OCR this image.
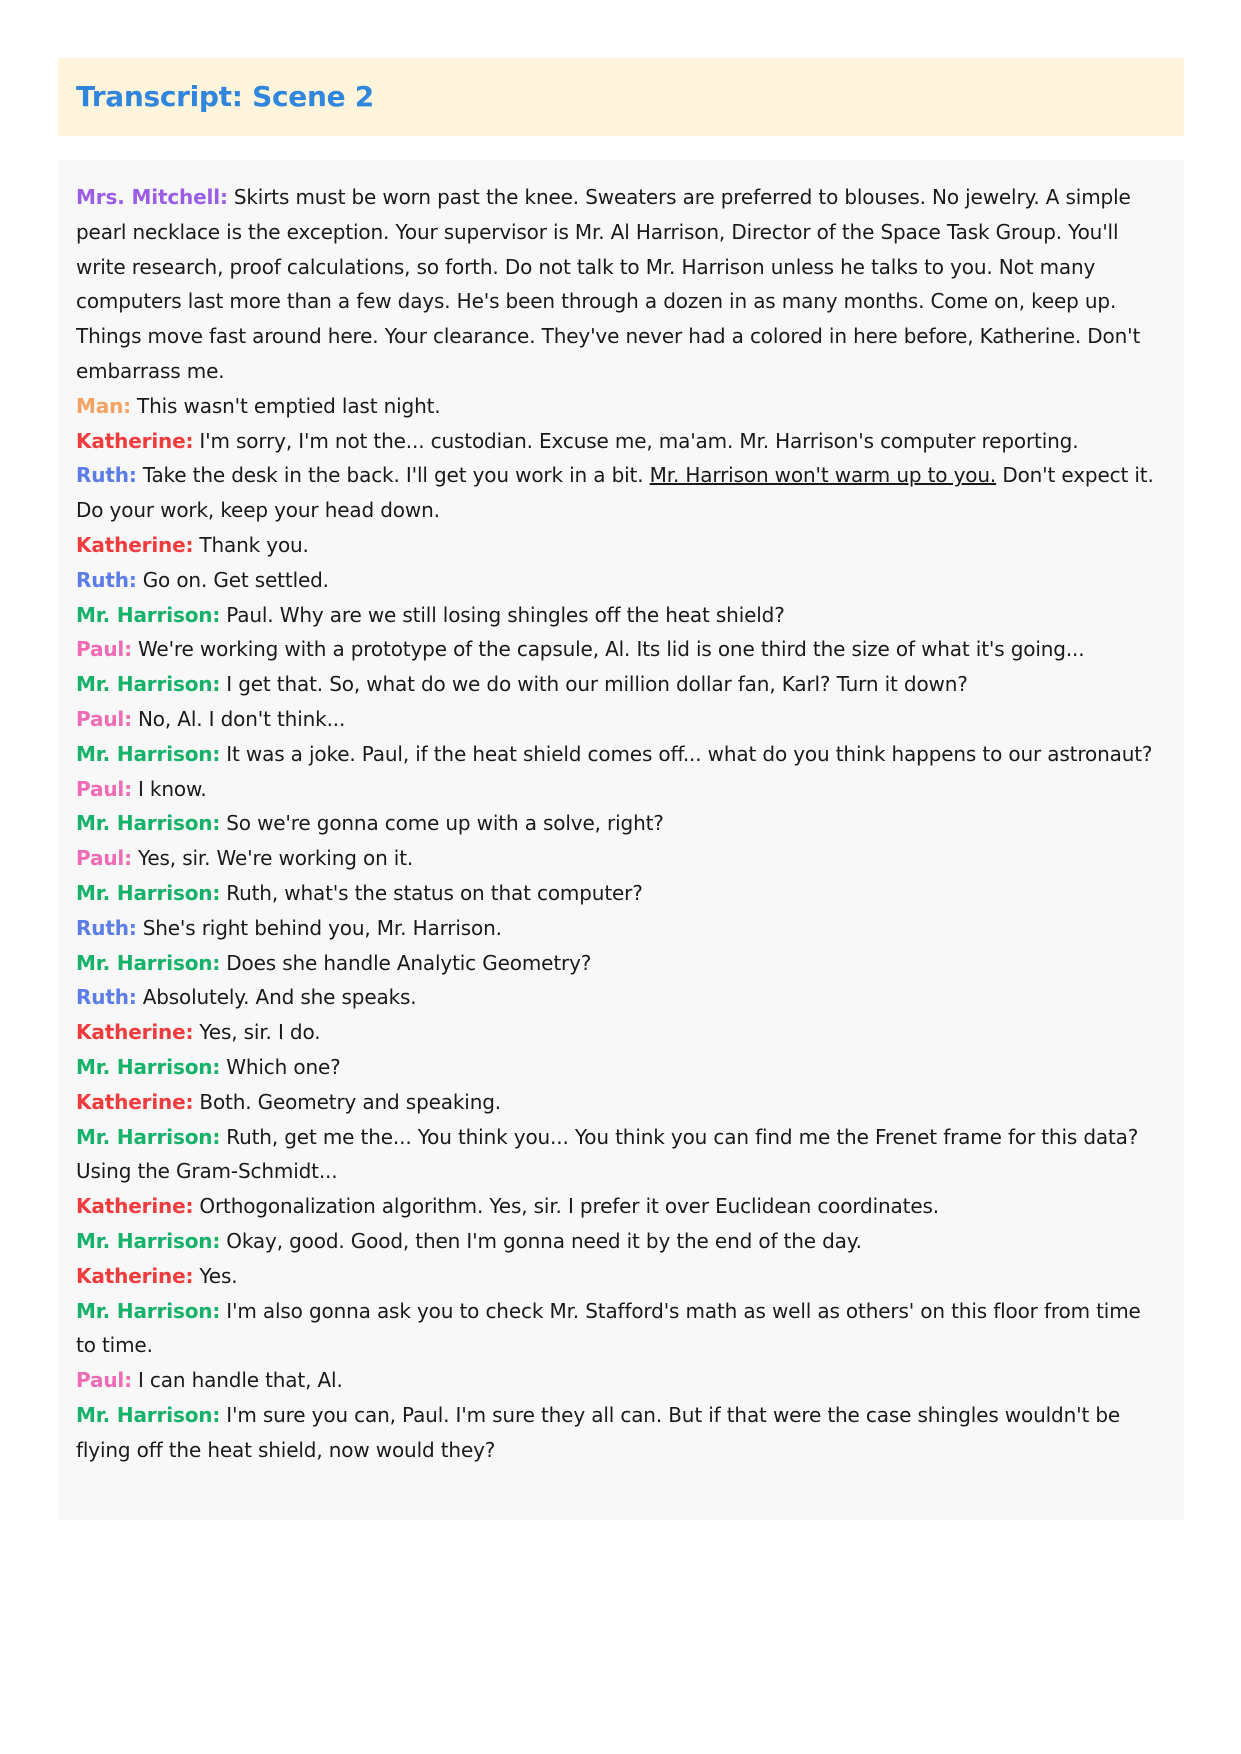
Transcript: Scene 2

Mrs. Mitchell: Skirts must be worn past the knee. Sweaters are preferred to blouses. No jewelry. A simple pearl necklace is the exception. Your supervisor is Mr. Al Harrison, Director of the Space Task Group. You'll write research, proof calculations, so forth. Do not talk to Mr. Harrison unless he talks to you. Not many computers last more than a few days. He's been through a dozen in as many months. Come on, keep up. Things move fast around here. Your clearance. They've never had a colored in here before, Katherine. Don't embarrass me.

Man: This wasn't emptied last night.

Katherine: I'm sorry, I'm not the... custodian. Excuse me, ma'am. Mr. Harrison's computer reporting.

Ruth: Take the desk in the back. I'll get you work in a bit. Mr. Harrison won't warm up to you. Don't expect it. Do your work, keep your head down.

Katherine: Thank you.

Ruth: Go on. Get settled.

Mr. Harrison: Paul. Why are we still losing shingles off the heat shield?

Paul: We're working with a prototype of the capsule, Al. Its lid is one third the size of what it's going...

Mr. Harrison: I get that. So, what do we do with our million dollar fan, Karl? Turn it down?

Paul: No, Al. I don't think...

Mr. Harrison: It was a joke. Paul, if the heat shield comes off... what do you think happens to our astronaut?

Paul: I know.

Mr. Harrison: So we're gonna come up with a solve, right?

Paul: Yes, sir. We're working on it.

Mr. Harrison: Ruth, what's the status on that computer?

Ruth: She's right behind you, Mr. Harrison.

Mr. Harrison: Does she handle Analytic Geometry?

Ruth: Absolutely. And she speaks.

Katherine: Yes, sir. I do.

Mr. Harrison: Which one?

Katherine: Both. Geometry and speaking.

Mr. Harrison: Ruth, get me the... You think you... You think you can find me the Frenet frame for this data? Using the Gram-Schmidt...

Katherine: Orthogonalization algorithm. Yes, sir. I prefer it over Euclidean coordinates.

Mr. Harrison: Okay, good. Good, then I'm gonna need it by the end of the day.

Katherine: Yes.

Mr. Harrison: I'm also gonna ask you to check Mr. Stafford's math as well as others' on this floor from time to time.

Paul: I can handle that, Al.

Mr. Harrison: I'm sure you can, Paul. I'm sure they all can. But if that were the case shingles wouldn't be flying off the heat shield, now would they?
